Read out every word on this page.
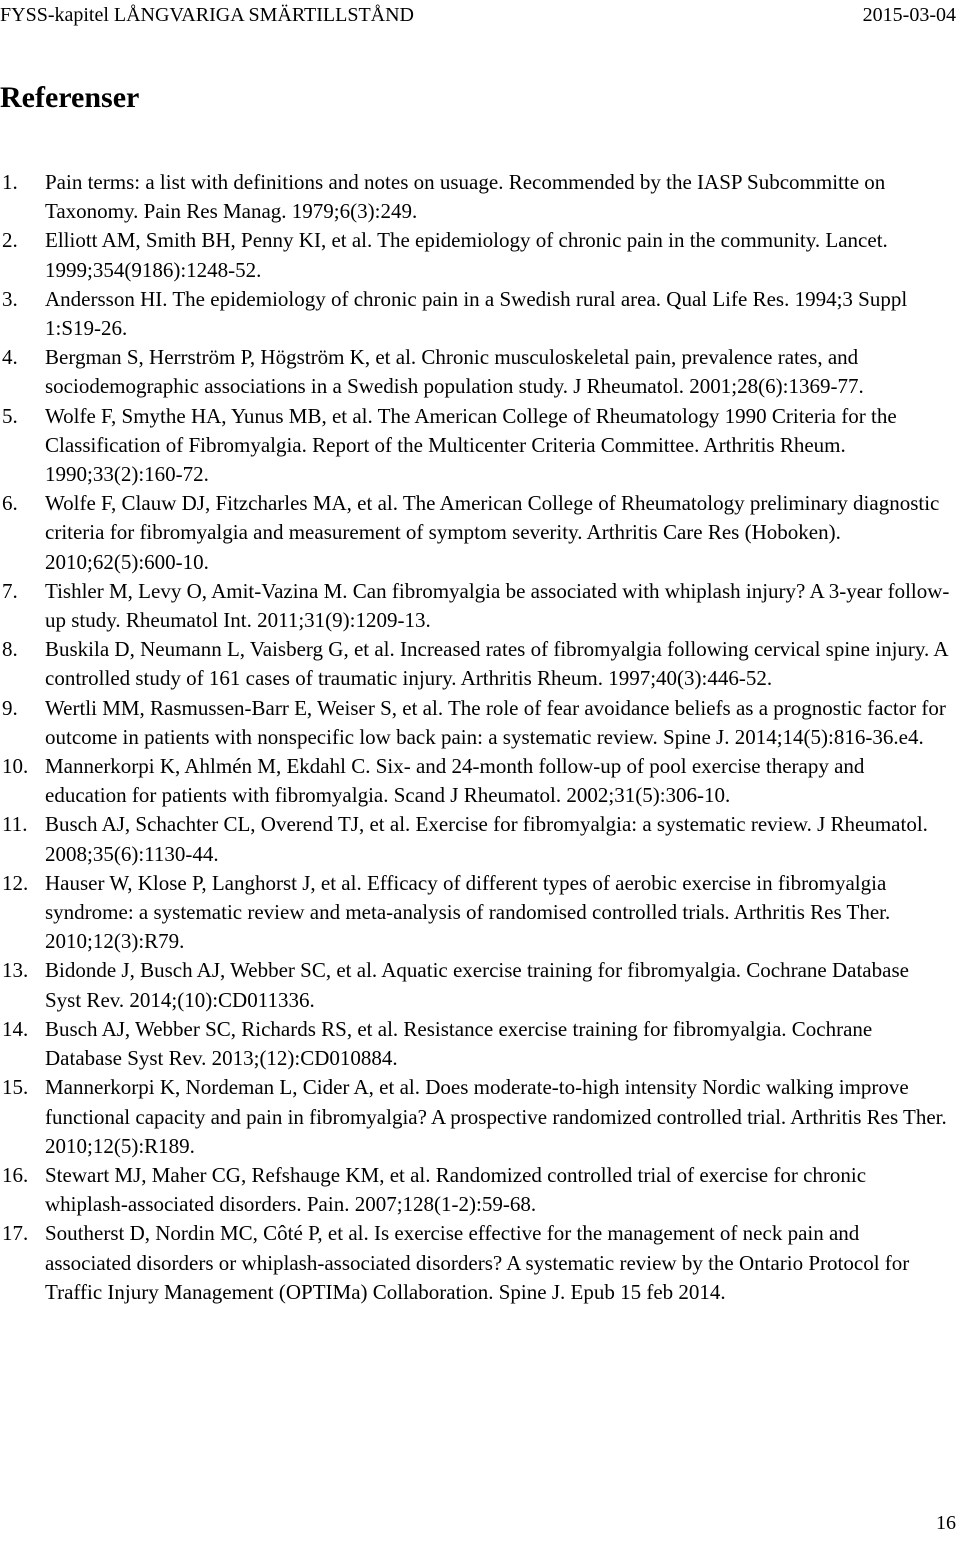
FYSS-kapitel LÅNGVARIGA SMÄRTILLSTÅND	2015-03-04
Referenser
1. Pain terms: a list with definitions and notes on usuage. Recommended by the IASP Subcommitte on Taxonomy. Pain Res Manag. 1979;6(3):249.
2. Elliott AM, Smith BH, Penny KI, et al. The epidemiology of chronic pain in the community. Lancet. 1999;354(9186):1248-52.
3. Andersson HI. The epidemiology of chronic pain in a Swedish rural area. Qual Life Res. 1994;3 Suppl 1:S19-26.
4. Bergman S, Herrström P, Högström K, et al. Chronic musculoskeletal pain, prevalence rates, and sociodemographic associations in a Swedish population study. J Rheumatol. 2001;28(6):1369-77.
5. Wolfe F, Smythe HA, Yunus MB, et al. The American College of Rheumatology 1990 Criteria for the Classification of Fibromyalgia. Report of the Multicenter Criteria Committee. Arthritis Rheum. 1990;33(2):160-72.
6. Wolfe F, Clauw DJ, Fitzcharles MA, et al. The American College of Rheumatology preliminary diagnostic criteria for fibromyalgia and measurement of symptom severity. Arthritis Care Res (Hoboken). 2010;62(5):600-10.
7. Tishler M, Levy O, Amit-Vazina M. Can fibromyalgia be associated with whiplash injury? A 3-year follow-up study. Rheumatol Int. 2011;31(9):1209-13.
8. Buskila D, Neumann L, Vaisberg G, et al. Increased rates of fibromyalgia following cervical spine injury. A controlled study of 161 cases of traumatic injury. Arthritis Rheum. 1997;40(3):446-52.
9. Wertli MM, Rasmussen-Barr E, Weiser S, et al. The role of fear avoidance beliefs as a prognostic factor for outcome in patients with nonspecific low back pain: a systematic review. Spine J. 2014;14(5):816-36.e4.
10. Mannerkorpi K, Ahlmén M, Ekdahl C. Six- and 24-month follow-up of pool exercise therapy and education for patients with fibromyalgia. Scand J Rheumatol. 2002;31(5):306-10.
11. Busch AJ, Schachter CL, Overend TJ, et al. Exercise for fibromyalgia: a systematic review. J Rheumatol. 2008;35(6):1130-44.
12. Hauser W, Klose P, Langhorst J, et al. Efficacy of different types of aerobic exercise in fibromyalgia syndrome: a systematic review and meta-analysis of randomised controlled trials. Arthritis Res Ther. 2010;12(3):R79.
13. Bidonde J, Busch AJ, Webber SC, et al. Aquatic exercise training for fibromyalgia. Cochrane Database Syst Rev. 2014;(10):CD011336.
14. Busch AJ, Webber SC, Richards RS, et al. Resistance exercise training for fibromyalgia. Cochrane Database Syst Rev. 2013;(12):CD010884.
15. Mannerkorpi K, Nordeman L, Cider A, et al. Does moderate-to-high intensity Nordic walking improve functional capacity and pain in fibromyalgia? A prospective randomized controlled trial. Arthritis Res Ther. 2010;12(5):R189.
16. Stewart MJ, Maher CG, Refshauge KM, et al. Randomized controlled trial of exercise for chronic whiplash-associated disorders. Pain. 2007;128(1-2):59-68.
17. Southerst D, Nordin MC, Côté P, et al. Is exercise effective for the management of neck pain and associated disorders or whiplash-associated disorders? A systematic review by the Ontario Protocol for Traffic Injury Management (OPTIMa) Collaboration. Spine J. Epub 15 feb 2014.
16
